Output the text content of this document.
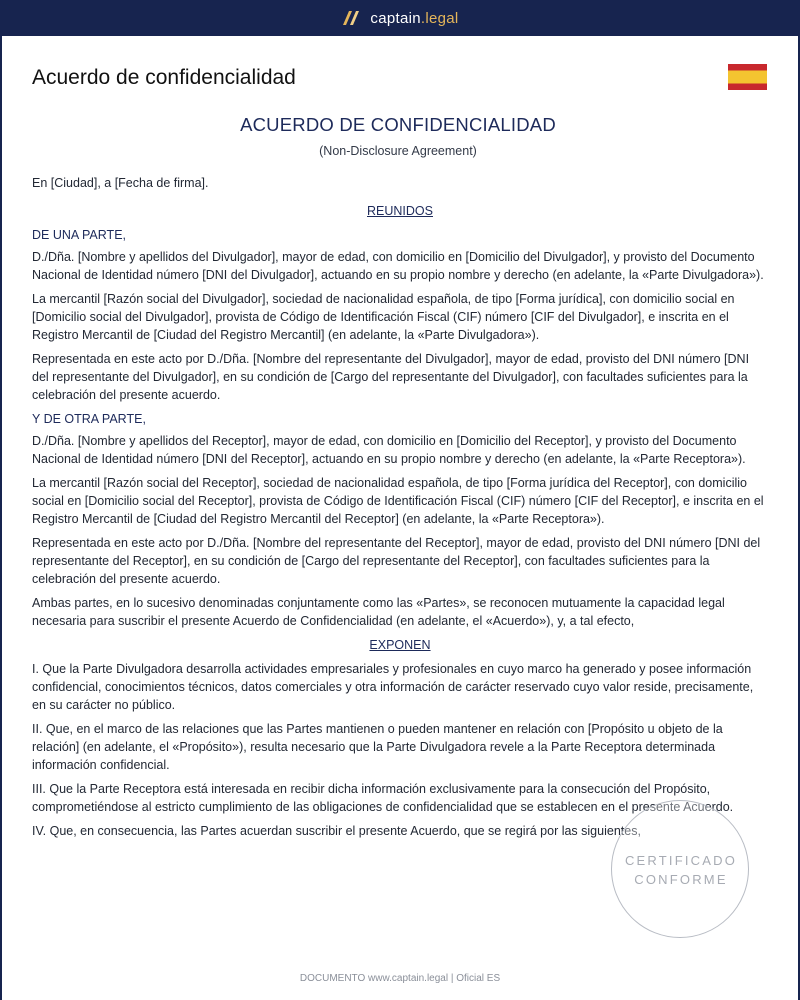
captain.legal
Acuerdo de confidencialidad
ACUERDO DE CONFIDENCIALIDAD
(Non-Disclosure Agreement)

En [Ciudad], a [Fecha de firma].

REUNIDOS

DE UNA PARTE,

D./Dña. [Nombre y apellidos del Divulgador], mayor de edad, con domicilio en [Domicilio del Divulgador], y provisto del Documento Nacional de Identidad número [DNI del Divulgador], actuando en su propio nombre y derecho (en adelante, la «Parte Divulgadora»).

La mercantil [Razón social del Divulgador], sociedad de nacionalidad española, de tipo [Forma jurídica], con domicilio social en [Domicilio social del Divulgador], provista de Código de Identificación Fiscal (CIF) número [CIF del Divulgador], e inscrita en el Registro Mercantil de [Ciudad del Registro Mercantil] (en adelante, la «Parte Divulgadora»).

Representada en este acto por D./Dña. [Nombre del representante del Divulgador], mayor de edad, provisto del DNI número [DNI del representante del Divulgador], en su condición de [Cargo del representante del Divulgador], con facultades suficientes para la celebración del presente acuerdo.

Y DE OTRA PARTE,

D./Dña. [Nombre y apellidos del Receptor], mayor de edad, con domicilio en [Domicilio del Receptor], y provisto del Documento Nacional de Identidad número [DNI del Receptor], actuando en su propio nombre y derecho (en adelante, la «Parte Receptora»).

La mercantil [Razón social del Receptor], sociedad de nacionalidad española, de tipo [Forma jurídica del Receptor], con domicilio social en [Domicilio social del Receptor], provista de Código de Identificación Fiscal (CIF) número [CIF del Receptor], e inscrita en el Registro Mercantil de [Ciudad del Registro Mercantil del Receptor] (en adelante, la «Parte Receptora»).

Representada en este acto por D./Dña. [Nombre del representante del Receptor], mayor de edad, provisto del DNI número [DNI del representante del Receptor], en su condición de [Cargo del representante del Receptor], con facultades suficientes para la celebración del presente acuerdo.

Ambas partes, en lo sucesivo denominadas conjuntamente como las «Partes», se reconocen mutuamente la capacidad legal necesaria para suscribir el presente Acuerdo de Confidencialidad (en adelante, el «Acuerdo»), y, a tal efecto,

EXPONEN

I. Que la Parte Divulgadora desarrolla actividades empresariales y profesionales en cuyo marco ha generado y posee información confidencial, conocimientos técnicos, datos comerciales y otra información de carácter reservado cuyo valor reside, precisamente, en su carácter no público.

II. Que, en el marco de las relaciones que las Partes mantienen o pueden mantener en relación con [Propósito u objeto de la relación] (en adelante, el «Propósito»), resulta necesario que la Parte Divulgadora revele a la Parte Receptora determinada información confidencial.

III. Que la Parte Receptora está interesada en recibir dicha información exclusivamente para la consecución del Propósito, comprometiéndose al estricto cumplimiento de las obligaciones de confidencialidad que se establecen en el presente Acuerdo.

IV. Que, en consecuencia, las Partes acuerdan suscribir el presente Acuerdo, que se regirá por las siguientes,

CERTIFICADO
CONFORME
DOCUMENTO www.captain.legal | Oficial ES
